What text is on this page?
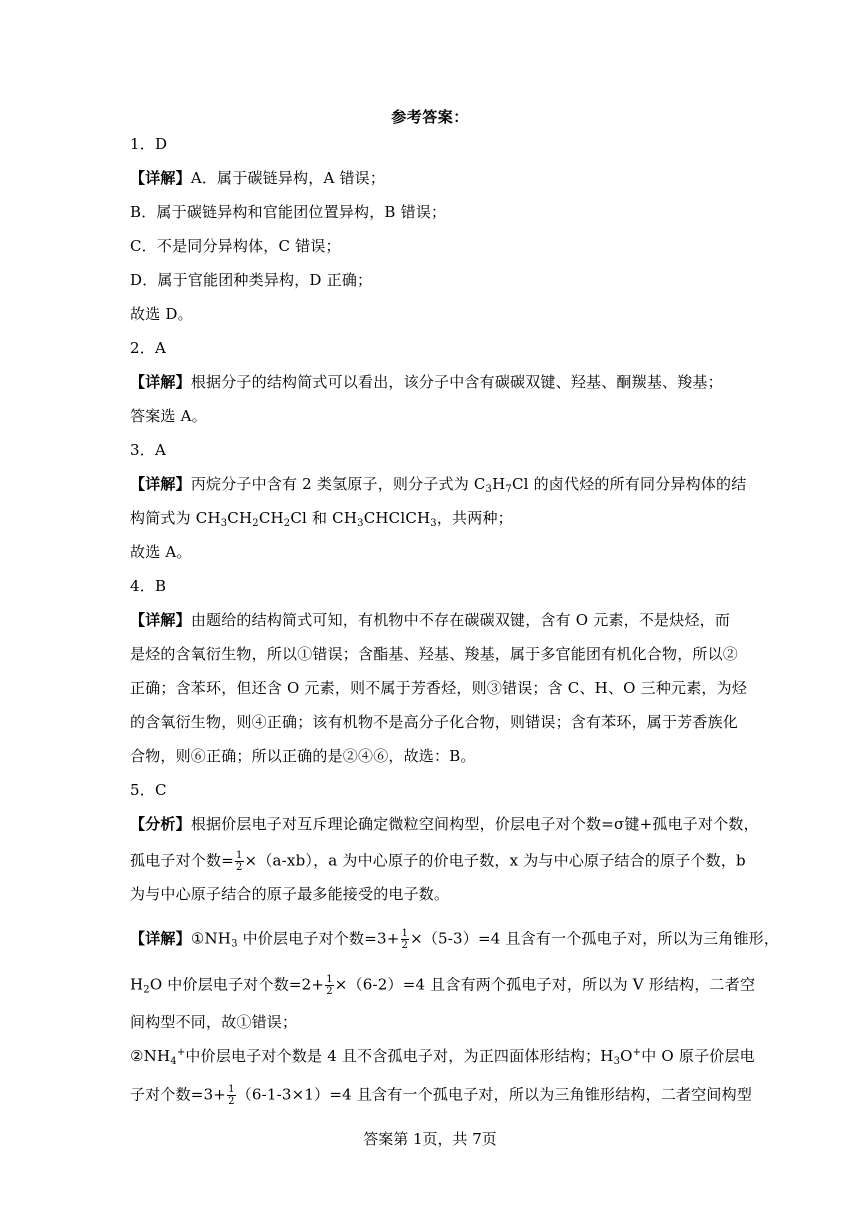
参考答案：
1．D
【详解】A．属于碳链异构，A 错误；
B．属于碳链异构和官能团位置异构，B 错误；
C．不是同分异构体，C 错误；
D．属于官能团种类异构，D 正确；
故选 D。
2．A
【详解】根据分子的结构简式可以看出，该分子中含有碳碳双键、羟基、酮羰基、羧基；
答案选 A。
3．A
【详解】丙烷分子中含有 2 类氢原子，则分子式为 $C_3H_7Cl$ 的卤代烃的所有同分异构体的结
构简式为 $CH_3CH_2CH_2Cl$ 和 $CH_3CHClCH_3$，共两种；
故选 A。
4．B
【详解】由题给的结构简式可知，有机物中不存在碳碳双键，含有 O 元素，不是炔烃，而
是烃的含氧衍生物，所以①错误；含酯基、羟基、羧基，属于多官能团有机化合物，所以②
正确；含苯环，但还含 O 元素，则不属于芳香烃，则③错误；含 C、H、O 三种元素，为烃
的含氧衍生物，则④正确；该有机物不是高分子化合物，则错误；含有苯环，属于芳香族化
合物，则⑥正确；所以正确的是②④⑥，故选：B。
5．C
【分析】根据价层电子对互斥理论确定微粒空间构型，价层电子对个数=σ键+孤电子对个数，
孤电子对个数= $\frac{1}{2} \times(a-xb)$，a 为中心原子的价电子数，x 为与中心原子结合的原子个数，b
为与中心原子结合的原子最多能接受的电子数。
【详解】$①NH_3$ 中价层电子对个数$=3+ \frac{1}{2} \times(5-3)=4$ 且含有一个孤电子对，所以为三角锥形，
$H_2O$ 中价层电子对个数$=2+ \frac{1}{2} \times(6-2)=4$ 且含有两个孤电子对，所以为 V 形结构，二者空
间构型不同，故①错误；
$②NH_4^+$中价层电子对个数是 4 且不含孤电子对，为正四面体形结构；$H_3O^+$中 O 原子价层电
子对个数$=3+ \frac{1}{2} (6-1-3\times 1)=4$ 且含有一个孤电子对，所以为三角锥形结构，二者空间构型
答案第 1页，共 7页
